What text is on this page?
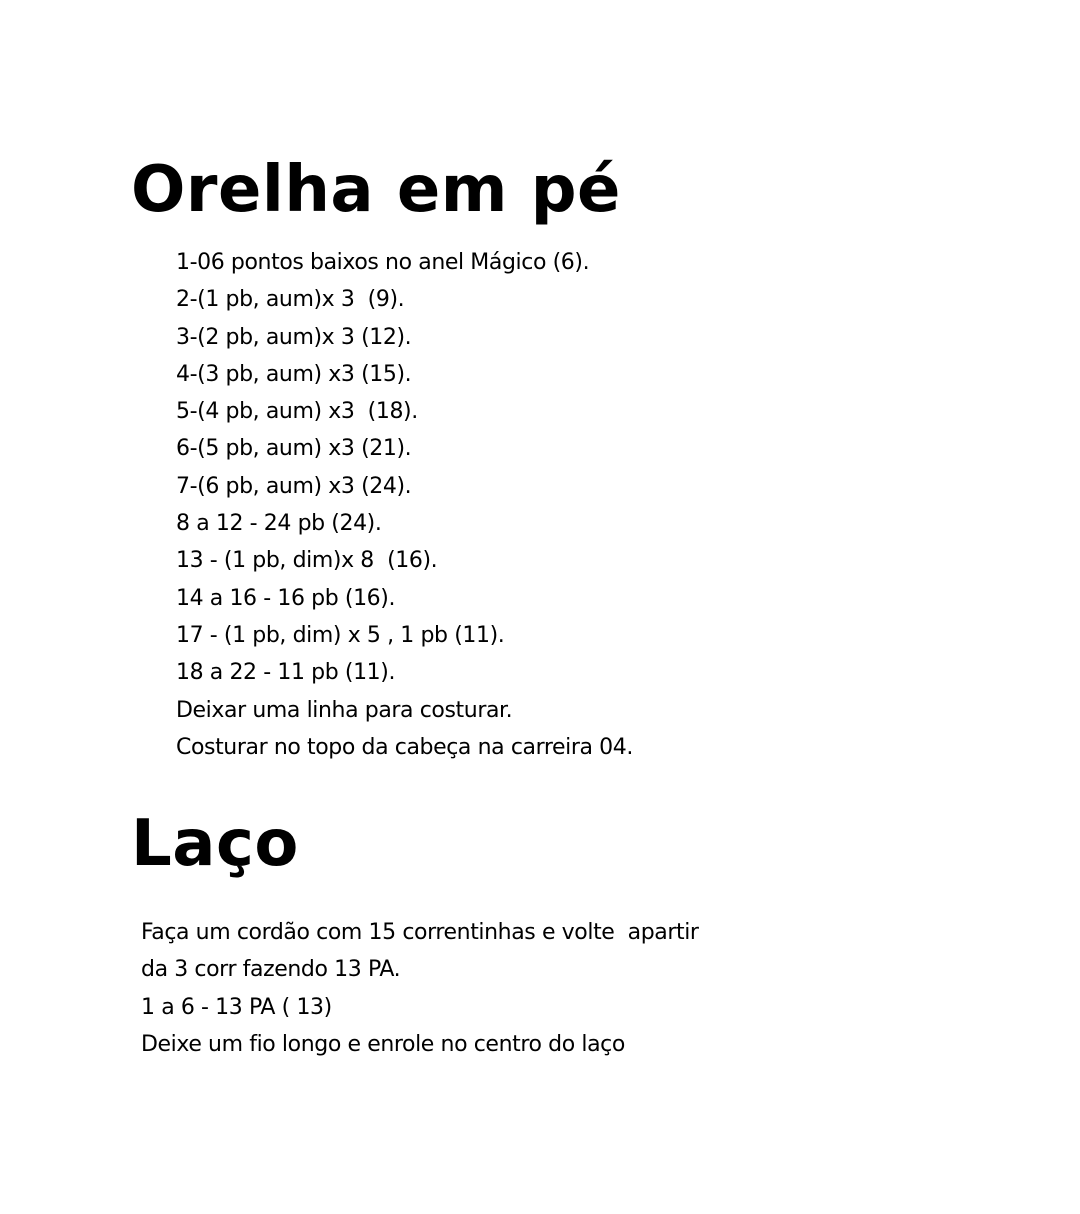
Orelha em pé
1-06 pontos baixos no anel Mágico (6).
2-(1 pb, aum)x 3  (9).
3-(2 pb, aum)x 3 (12).
4-(3 pb, aum) x3 (15).
5-(4 pb, aum) x3  (18).
6-(5 pb, aum) x3 (21).
7-(6 pb, aum) x3 (24).
8 a 12 - 24 pb (24).
13 - (1 pb, dim)x 8  (16).
14 a 16 - 16 pb (16).
17 - (1 pb, dim) x 5 , 1 pb (11).
18 a 22 - 11 pb (11).
Deixar uma linha para costurar.
Costurar no topo da cabeça na carreira 04.
Laço
Faça um cordão com 15 correntinhas e volte  apartir
da 3 corr fazendo 13 PA.
1 a 6 - 13 PA ( 13)
Deixe um fio longo e enrole no centro do laço
